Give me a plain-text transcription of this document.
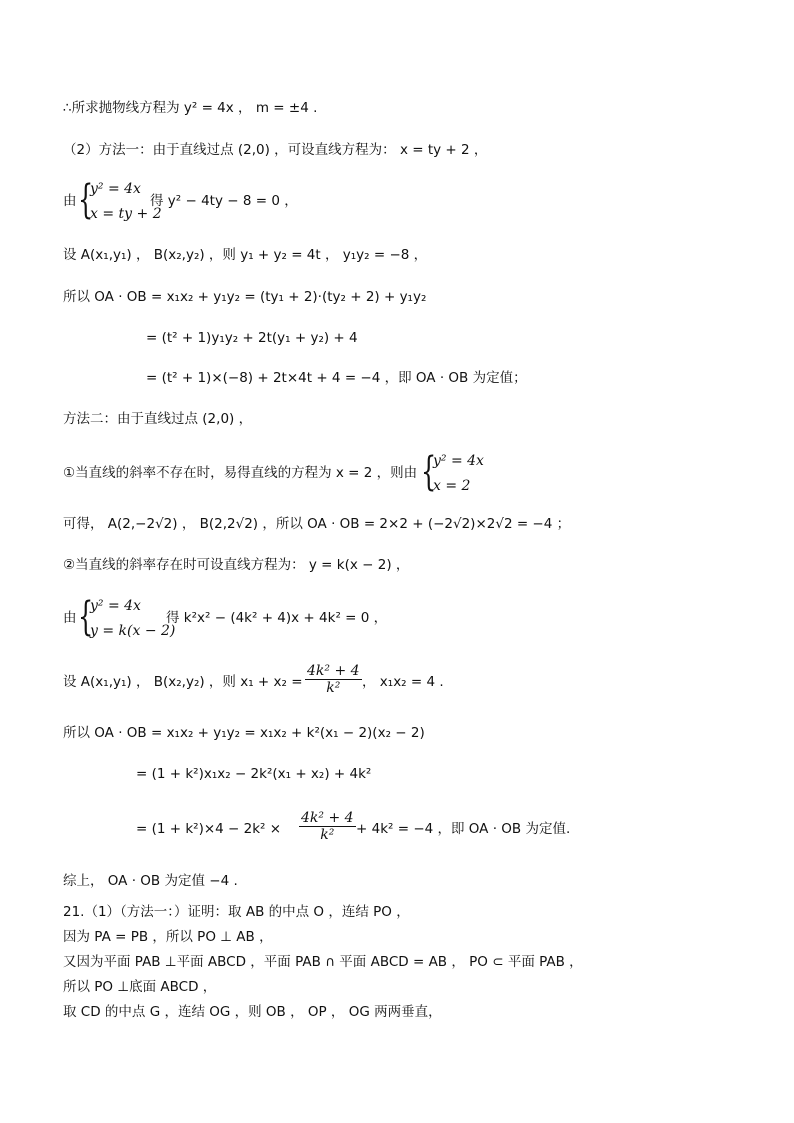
∴所求抛物线方程为 y² = 4x ， m = ±4 .
（2）方法一：由于直线过点 (2,0) ，可设直线方程为： x = ty + 2 ，
由 {
y² = 4x
x = ty + 2
得 y² − 4ty − 8 = 0 ，
设 A(x₁,y₁) ， B(x₂,y₂) ，则 y₁ + y₂ = 4t ， y₁y₂ = −8 ，
所以 OA · OB = x₁x₂ + y₁y₂ = (ty₁ + 2)·(ty₂ + 2) + y₁y₂
= (t² + 1)y₁y₂ + 2t(y₁ + y₂) + 4
= (t² + 1)×(−8) + 2t×4t + 4 = −4 ，即 OA · OB 为定值；
方法二：由于直线过点 (2,0) ，
①当直线的斜率不存在时，易得直线的方程为 x = 2 ，则由 {
y² = 4x
x = 2
可得， A(2,−2√2) ， B(2,2√2) ，所以 OA · OB = 2×2 + (−2√2)×2√2 = −4 ；
②当直线的斜率存在时可设直线方程为： y = k(x − 2) ，
由 {
y² = 4x
y = k(x − 2)
得 k²x² − (4k² + 4)x + 4k² = 0 ，
设 A(x₁,y₁) ， B(x₂,y₂) ，则 $x_1 + x_2 = \frac{\text{4k² + 4}}{\text{k²}}$ ， x₁x₂ = 4 .
所以 OA · OB = x₁x₂ + y₁y₂ = x₁x₂ + k²(x₁ − 2)(x₂ − 2)
= (1 + k²)x₁x₂ − 2k²(x₁ + x₂) + 4k²
= $(1 + k^2)\times 4 - 2k^2 \times \frac{\text{4k² + 4}}{\text{k²}} + 4k^2 = -4$ ，即 OA · OB 为定值.
综上， OA · OB 为定值 −4 .
21.（1）（方法一：）证明：取 AB 的中点 O ，连结 PO ，
因为 PA = PB ，所以 PO ⊥ AB ，
又因为平面 PAB ⊥平面 ABCD ，平面 PAB ∩ 平面 ABCD = AB ， PO ⊂ 平面 PAB ，
所以 PO ⊥底面 ABCD ，
取 CD 的中点 G ，连结 OG ，则 OB ， OP ， OG 两两垂直，
